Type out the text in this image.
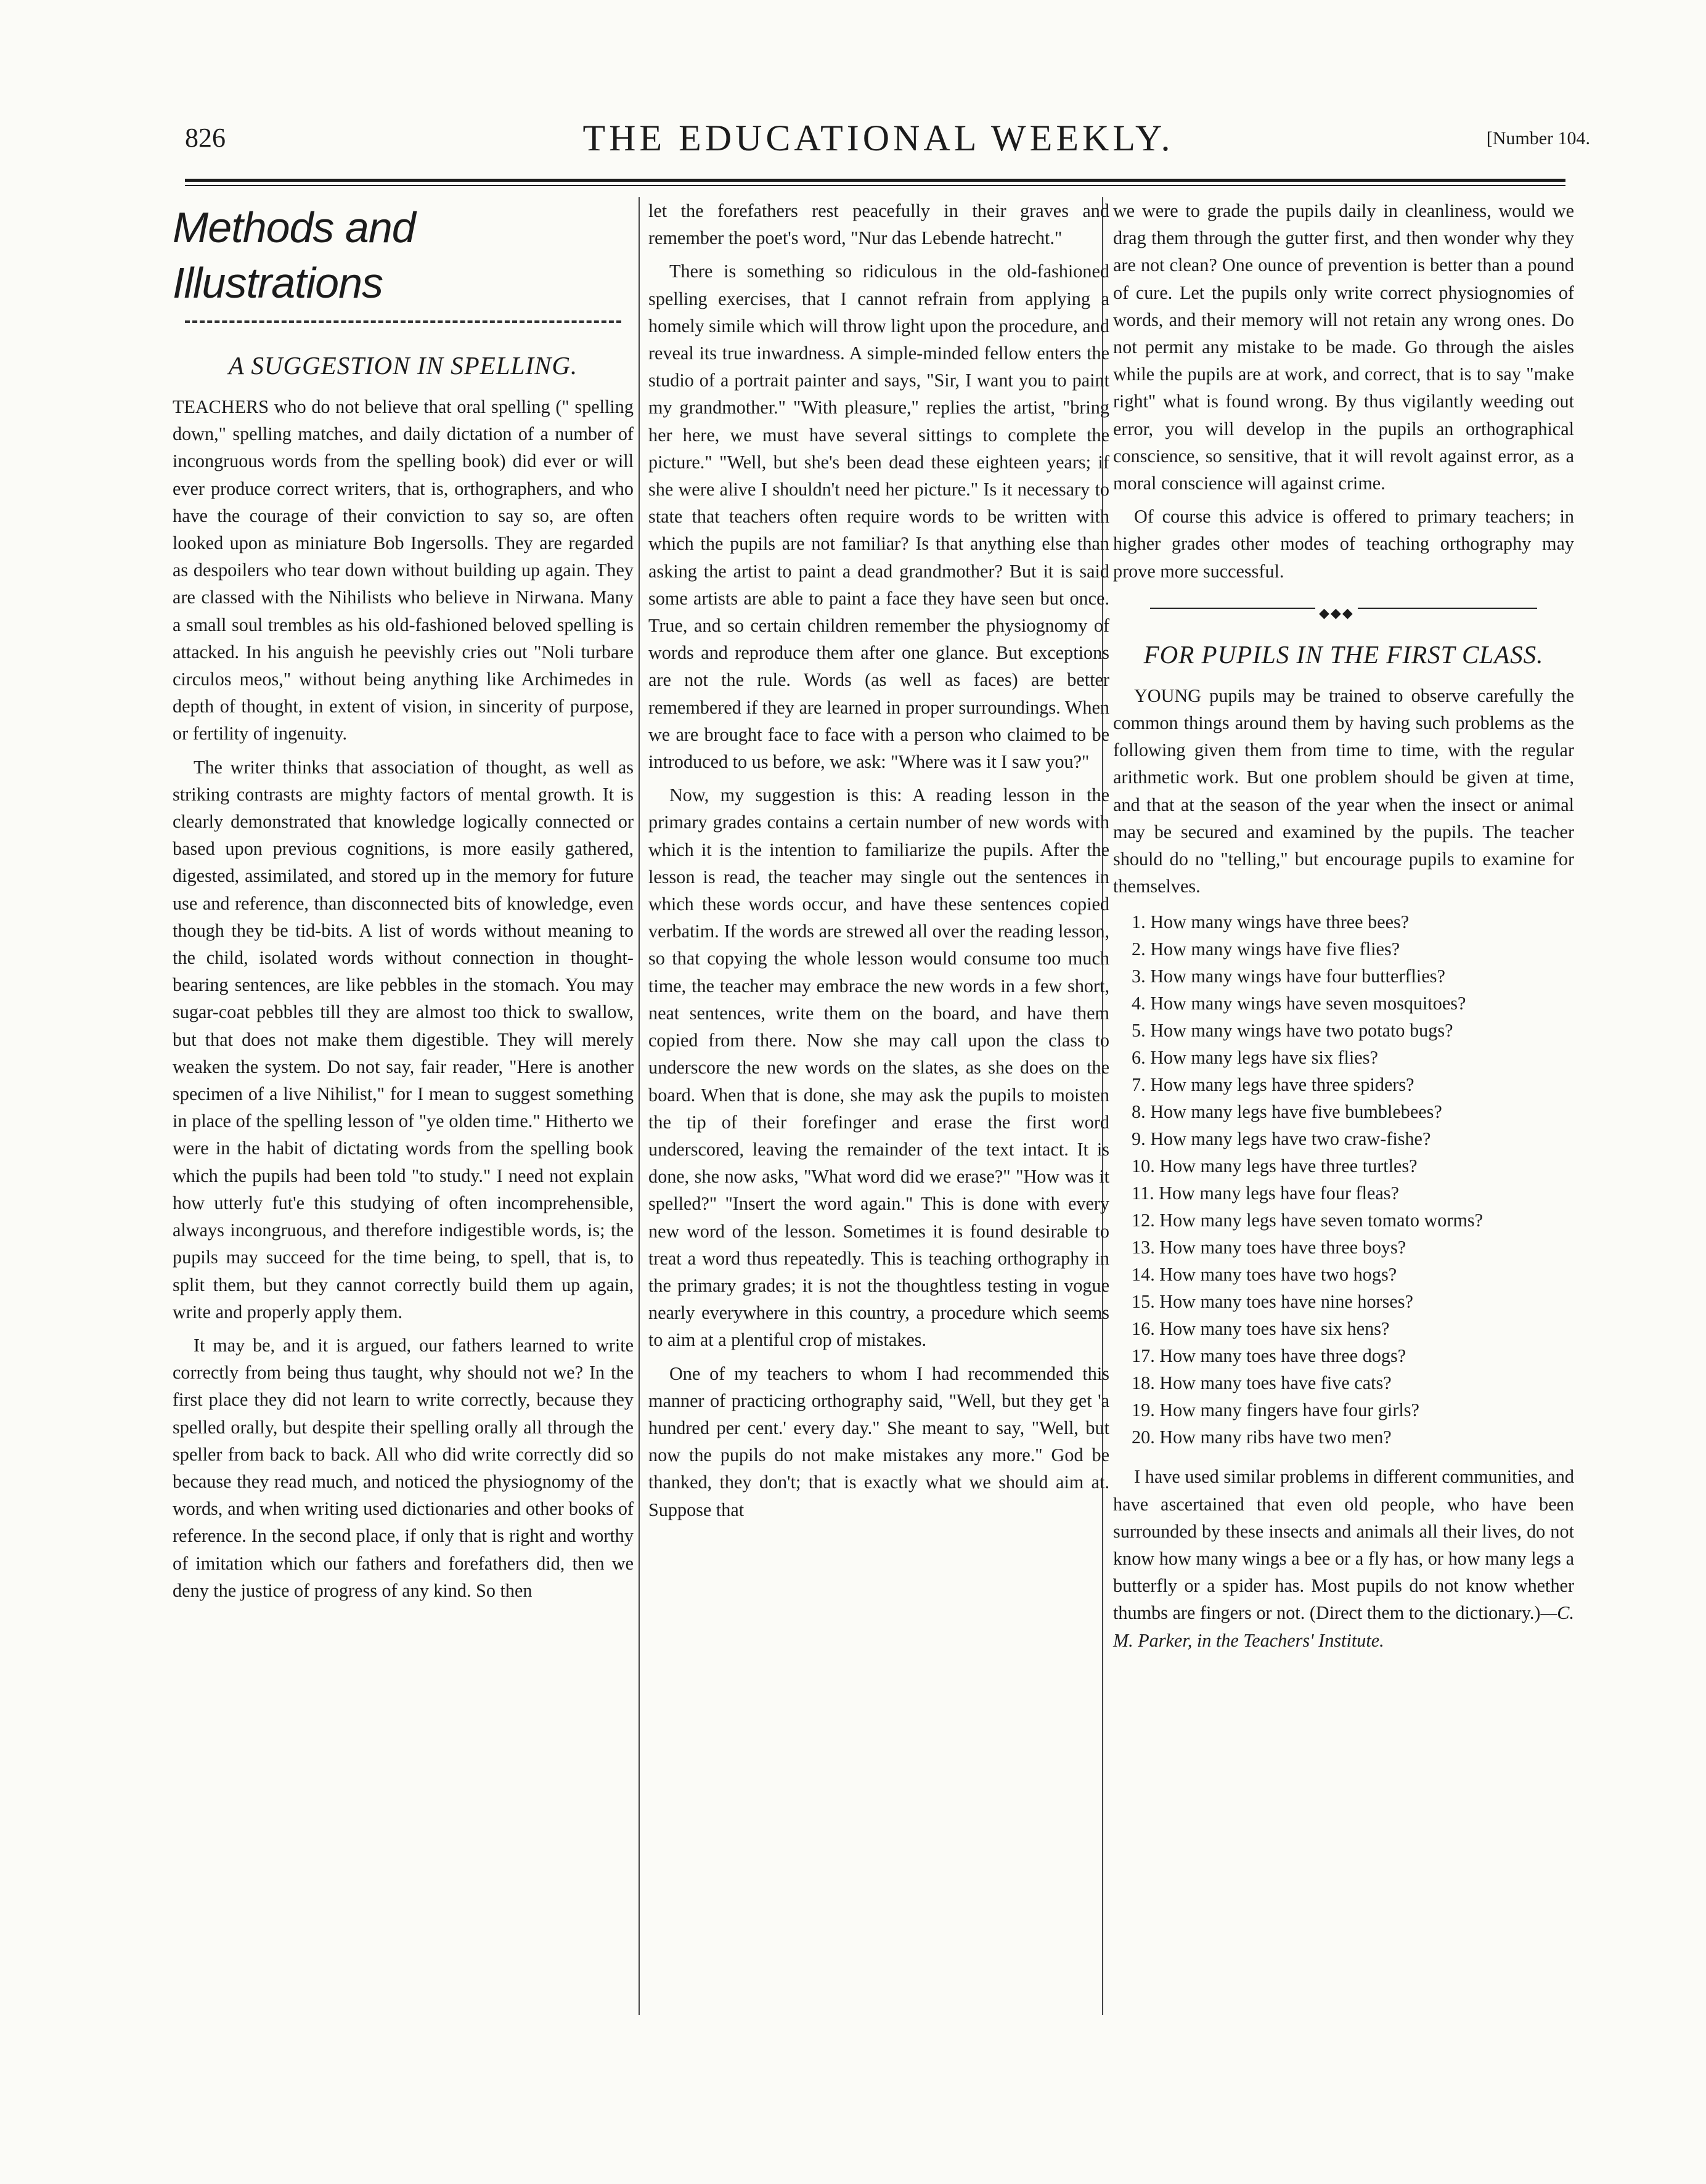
826	THE EDUCATIONAL WEEKLY.	[Number 104.
Methods and Illustrations
A SUGGESTION IN SPELLING.

TEACHERS who do not believe that oral spelling (" spelling down," spelling matches, and daily dictation of a number of incongruous words from the spelling book) did ever or will ever produce correct writers, that is, orthographers, and who have the courage of their conviction to say so, are often looked upon as miniature Bob Ingersolls. They are regarded as despoilers who tear down without building up again. They are classed with the Nihilists who believe in Nirwana. Many a small soul trembles as his old-fashioned beloved spelling is attacked. In his anguish he peevishly cries out "Noli turbare circulos meos," without being anything like Archimedes in depth of thought, in extent of vision, in sincerity of purpose, or fertility of ingenuity.

The writer thinks that association of thought, as well as striking contrasts are mighty factors of mental growth. It is clearly demonstrated that knowledge logically connected or based upon previous cognitions, is more easily gathered, digested, assimilated, and stored up in the memory for future use and reference, than disconnected bits of knowledge, even though they be tid-bits. A list of words without meaning to the child, isolated words without connection in thought-bearing sentences, are like pebbles in the stomach. You may sugar-coat pebbles till they are almost too thick to swallow, but that does not make them digestible. They will merely weaken the system. Do not say, fair reader, "Here is another specimen of a live Nihilist," for I mean to suggest something in place of the spelling lesson of "ye olden time." Hitherto we were in the habit of dictating words from the spelling book which the pupils had been told "to study." I need not explain how utterly fut'e this studying of often incomprehensible, always incongruous, and therefore indigestible words, is; the pupils may succeed for the time being, to spell, that is, to split them, but they cannot correctly build them up again, write and properly apply them.

It may be, and it is argued, our fathers learned to write correctly from being thus taught, why should not we? In the first place they did not learn to write correctly, because they spelled orally, but despite their spelling orally all through the speller from back to back. All who did write correctly did so because they read much, and noticed the physiognomy of the words, and when writing used dictionaries and other books of reference. In the second place, if only that is right and worthy of imitation which our fathers and forefathers did, then we deny the justice of progress of any kind. So then

let the forefathers rest peacefully in their graves and remember the poet's word, "Nur das Lebende hatrecht."

There is something so ridiculous in the old-fashioned spelling exercises, that I cannot refrain from applying a homely simile which will throw light upon the procedure, and reveal its true inwardness. A simple-minded fellow enters the studio of a portrait painter and says, "Sir, I want you to paint my grandmother." "With pleasure," replies the artist, "bring her here, we must have several sittings to complete the picture." "Well, but she's been dead these eighteen years; if she were alive I shouldn't need her picture." Is it necessary to state that teachers often require words to be written with which the pupils are not familiar? Is that anything else than asking the artist to paint a dead grandmother? But it is said some artists are able to paint a face they have seen but once. True, and so certain children remember the physiognomy of words and reproduce them after one glance. But exceptions are not the rule. Words (as well as faces) are better remembered if they are learned in proper surroundings. When we are brought face to face with a person who claimed to be introduced to us before, we ask: "Where was it I saw you?"

Now, my suggestion is this: A reading lesson in the primary grades contains a certain number of new words with which it is the intention to familiarize the pupils. After the lesson is read, the teacher may single out the sentences in which these words occur, and have these sentences copied verbatim. If the words are strewed all over the reading lesson, so that copying the whole lesson would consume too much time, the teacher may embrace the new words in a few short, neat sentences, write them on the board, and have them copied from there. Now she may call upon the class to underscore the new words on the slates, as she does on the board. When that is done, she may ask the pupils to moisten the tip of their forefinger and erase the first word underscored, leaving the remainder of the text intact. It is done, she now asks, "What word did we erase?" "How was it spelled?" "Insert the word again." This is done with every new word of the lesson. Sometimes it is found desirable to treat a word thus repeatedly. This is teaching orthography in the primary grades; it is not the thoughtless testing in vogue nearly everywhere in this country, a procedure which seems to aim at a plentiful crop of mistakes.

One of my teachers to whom I had recommended this manner of practicing orthography said, "Well, but they get 'a hundred per cent.' every day." She meant to say, "Well, but now the pupils do not make mistakes any more." God be thanked, they don't; that is exactly what we should aim at. Suppose that

we were to grade the pupils daily in cleanliness, would we drag them through the gutter first, and then wonder why they are not clean? One ounce of prevention is better than a pound of cure. Let the pupils only write correct physiognomies of words, and their memory will not retain any wrong ones. Do not permit any mistake to be made. Go through the aisles while the pupils are at work, and correct, that is to say "make right" what is found wrong. By thus vigilantly weeding out error, you will develop in the pupils an orthographical conscience, so sensitive, that it will revolt against error, as a moral conscience will against crime.

Of course this advice is offered to primary teachers; in higher grades other modes of teaching orthography may prove more successful.

◆◆◆
FOR PUPILS IN THE FIRST CLASS.

YOUNG pupils may be trained to observe carefully the common things around them by having such problems as the following given them from time to time, with the regular arithmetic work. But one problem should be given at time, and that at the season of the year when the insect or animal may be secured and examined by the pupils. The teacher should do no "telling," but encourage pupils to examine for themselves.

1. How many wings have three bees?
2. How many wings have five flies?
3. How many wings have four butterflies?
4. How many wings have seven mosquitoes?
5. How many wings have two potato bugs?
6. How many legs have six flies?
7. How many legs have three spiders?
8. How many legs have five bumblebees?
9. How many legs have two craw-fishe?
10. How many legs have three turtles?
11. How many legs have four fleas?
12. How many legs have seven tomato worms?
13. How many toes have three boys?
14. How many toes have two hogs?
15. How many toes have nine horses?
16. How many toes have six hens?
17. How many toes have three dogs?
18. How many toes have five cats?
19. How many fingers have four girls?
20. How many ribs have two men?

I have used similar problems in different communities, and have ascertained that even old people, who have been surrounded by these insects and animals all their lives, do not know how many wings a bee or a fly has, or how many legs a butterfly or a spider has. Most pupils do not know whether thumbs are fingers or not. (Direct them to the dictionary.)—C. M. Parker, in the Teachers' Institute.
